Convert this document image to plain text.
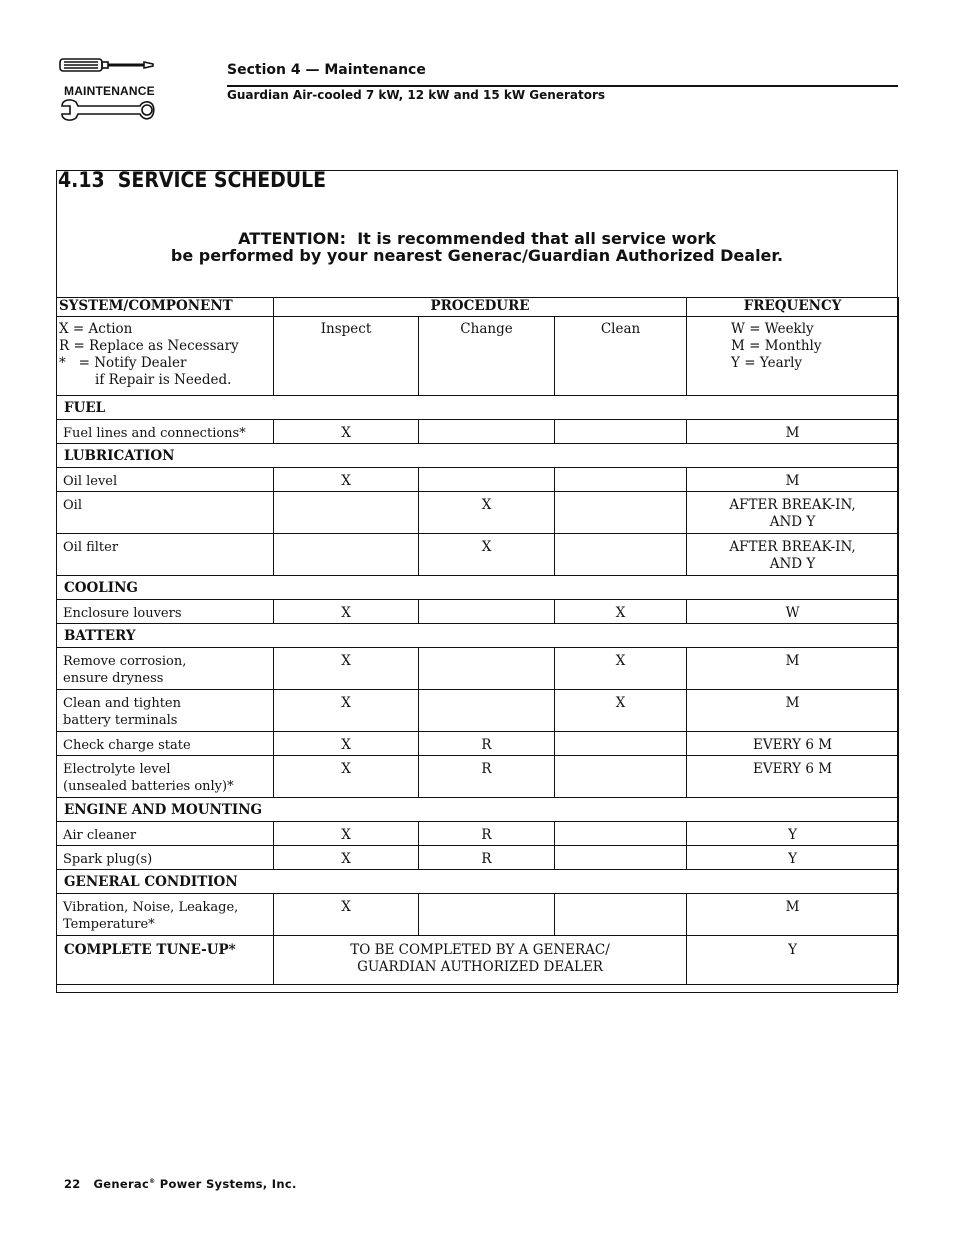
MAINTENANCE
Section 4 — Maintenance
Guardian Air-cooled 7 kW, 12 kW and 15 kW Generators
4.13  SERVICE SCHEDULE
ATTENTION:  It is recommended that all service work
be performed by your nearest Generac/Guardian Authorized Dealer.
SYSTEM/COMPONENT	PROCEDURE			FREQUENCY

X = Action
R = Replace as Necessary
*   = Notify Dealer
if Repair is Needed.	Inspect	Change	Clean	W = Weekly
M = Monthly
Y = Yearly

FUEL				
Fuel lines and connections*	X			M
LUBRICATION				
Oil level	X			M
Oil		X		AFTER BREAK-IN,
AND Y

Oil filter		X		AFTER BREAK-IN,
AND Y

COOLING				
Enclosure louvers	X		X	W
BATTERY				

Remove corrosion,
ensure dryness	X		X	M

Clean and tighten
battery terminals	X		X	M
Check charge state	X	R		EVERY 6 M

Electrolyte level
(unsealed batteries only)*	X	R		EVERY 6 M
ENGINE AND MOUNTING				
Air cleaner	X	R		Y
Spark plug(s)	X	R		Y
GENERAL CONDITION				

Vibration, Noise, Leakage,
Temperature*	X			M
COMPLETE TUNE-UP*	TO BE COMPLETED BY A GENERAC/
GUARDIAN AUTHORIZED DEALER			Y
22 Generac® Power Systems, Inc.
